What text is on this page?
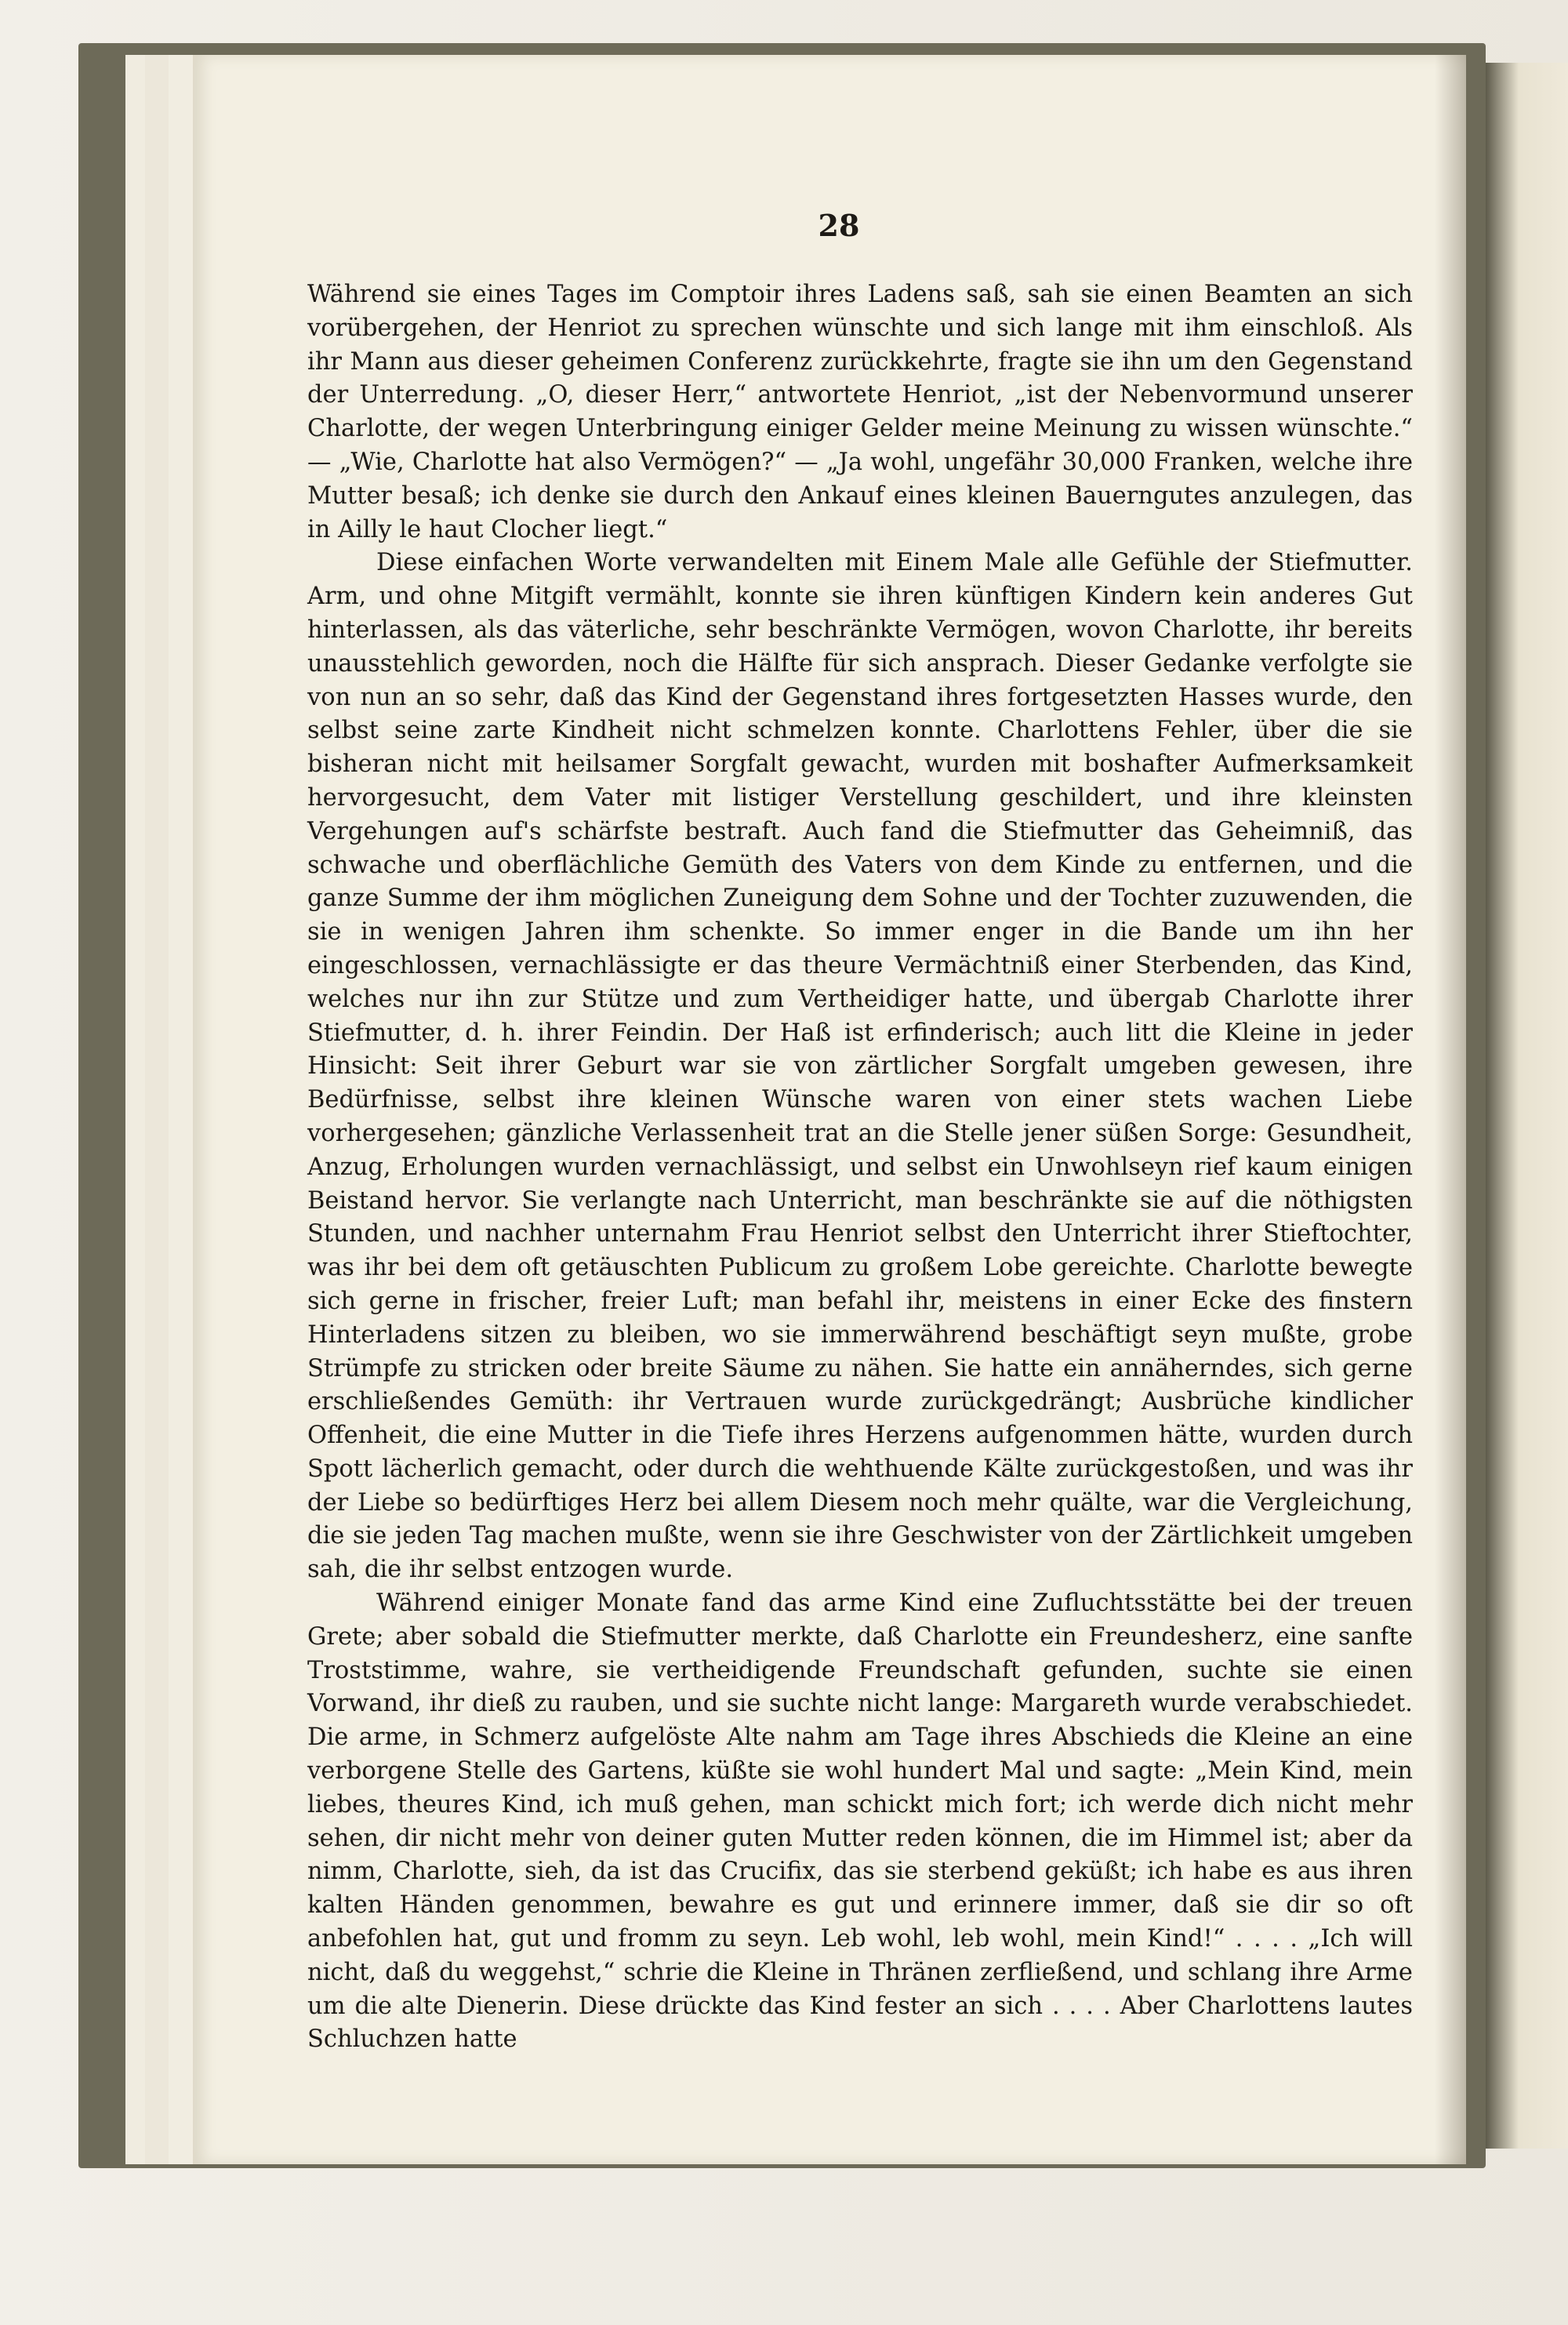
28

Während sie eines Tages im Comptoir ihres Ladens saß, sah sie einen Beamten an sich vorübergehen, der Henriot zu sprechen wünschte und sich lange mit ihm einschloß. Als ihr Mann aus dieser geheimen Conferenz zurückkehrte, fragte sie ihn um den Gegenstand der Unterredung. „O, dieser Herr,“ antwortete Henriot, „ist der Nebenvormund unserer Charlotte, der wegen Unterbringung einiger Gelder meine Meinung zu wissen wünschte.“ — „Wie, Charlotte hat also Vermögen?“ — „Ja wohl, ungefähr 30,000 Franken, welche ihre Mutter besaß; ich denke sie durch den Ankauf eines kleinen Bauerngutes anzulegen, das in Ailly le haut Clocher liegt.“

Diese einfachen Worte verwandelten mit Einem Male alle Gefühle der Stiefmutter. Arm, und ohne Mitgift vermählt, konnte sie ihren künftigen Kindern kein anderes Gut hinterlassen, als das väterliche, sehr beschränkte Vermögen, wovon Charlotte, ihr bereits unausstehlich geworden, noch die Hälfte für sich ansprach. Dieser Gedanke verfolgte sie von nun an so sehr, daß das Kind der Gegenstand ihres fortgesetzten Hasses wurde, den selbst seine zarte Kindheit nicht schmelzen konnte. Charlottens Fehler, über die sie bisheran nicht mit heilsamer Sorgfalt gewacht, wurden mit boshafter Aufmerksamkeit hervorgesucht, dem Vater mit listiger Verstellung geschildert, und ihre kleinsten Vergehungen auf's schärfste bestraft. Auch fand die Stiefmutter das Geheimniß, das schwache und oberflächliche Gemüth des Vaters von dem Kinde zu entfernen, und die ganze Summe der ihm möglichen Zuneigung dem Sohne und der Tochter zuzuwenden, die sie in wenigen Jahren ihm schenkte. So immer enger in die Bande um ihn her eingeschlossen, vernachlässigte er das theure Vermächtniß einer Sterbenden, das Kind, welches nur ihn zur Stütze und zum Vertheidiger hatte, und übergab Charlotte ihrer Stiefmutter, d. h. ihrer Feindin. Der Haß ist erfinderisch; auch litt die Kleine in jeder Hinsicht: Seit ihrer Geburt war sie von zärtlicher Sorgfalt umgeben gewesen, ihre Bedürfnisse, selbst ihre kleinen Wünsche waren von einer stets wachen Liebe vorhergesehen; gänzliche Verlassenheit trat an die Stelle jener süßen Sorge: Gesundheit, Anzug, Erholungen wurden vernachlässigt, und selbst ein Unwohlseyn rief kaum einigen Beistand hervor. Sie verlangte nach Unterricht, man beschränkte sie auf die nöthigsten Stunden, und nachher unternahm Frau Henriot selbst den Unterricht ihrer Stieftochter, was ihr bei dem oft getäuschten Publicum zu großem Lobe gereichte. Charlotte bewegte sich gerne in frischer, freier Luft; man befahl ihr, meistens in einer Ecke des finstern Hinterladens sitzen zu bleiben, wo sie immerwährend beschäftigt seyn mußte, grobe Strümpfe zu stricken oder breite Säume zu nähen. Sie hatte ein annäherndes, sich gerne erschließendes Gemüth: ihr Vertrauen wurde zurückgedrängt; Ausbrüche kindlicher Offenheit, die eine Mutter in die Tiefe ihres Herzens aufgenommen hätte, wurden durch Spott lächerlich gemacht, oder durch die wehthuende Kälte zurückgestoßen, und was ihr der Liebe so bedürftiges Herz bei allem Diesem noch mehr quälte, war die Vergleichung, die sie jeden Tag machen mußte, wenn sie ihre Geschwister von der Zärtlichkeit umgeben sah, die ihr selbst entzogen wurde.

Während einiger Monate fand das arme Kind eine Zufluchtsstätte bei der treuen Grete; aber sobald die Stiefmutter merkte, daß Charlotte ein Freundesherz, eine sanfte Troststimme, wahre, sie vertheidigende Freundschaft gefunden, suchte sie einen Vorwand, ihr dieß zu rauben, und sie suchte nicht lange: Margareth wurde verabschiedet. Die arme, in Schmerz aufgelöste Alte nahm am Tage ihres Abschieds die Kleine an eine verborgene Stelle des Gartens, küßte sie wohl hundert Mal und sagte: „Mein Kind, mein liebes, theures Kind, ich muß gehen, man schickt mich fort; ich werde dich nicht mehr sehen, dir nicht mehr von deiner guten Mutter reden können, die im Himmel ist; aber da nimm, Charlotte, sieh, da ist das Crucifix, das sie sterbend geküßt; ich habe es aus ihren kalten Händen genommen, bewahre es gut und erinnere immer, daß sie dir so oft anbefohlen hat, gut und fromm zu seyn. Leb wohl, leb wohl, mein Kind!“ . . . . „Ich will nicht, daß du weggehst,“ schrie die Kleine in Thränen zerfließend, und schlang ihre Arme um die alte Dienerin. Diese drückte das Kind fester an sich . . . . Aber Charlottens lautes Schluchzen hatte
